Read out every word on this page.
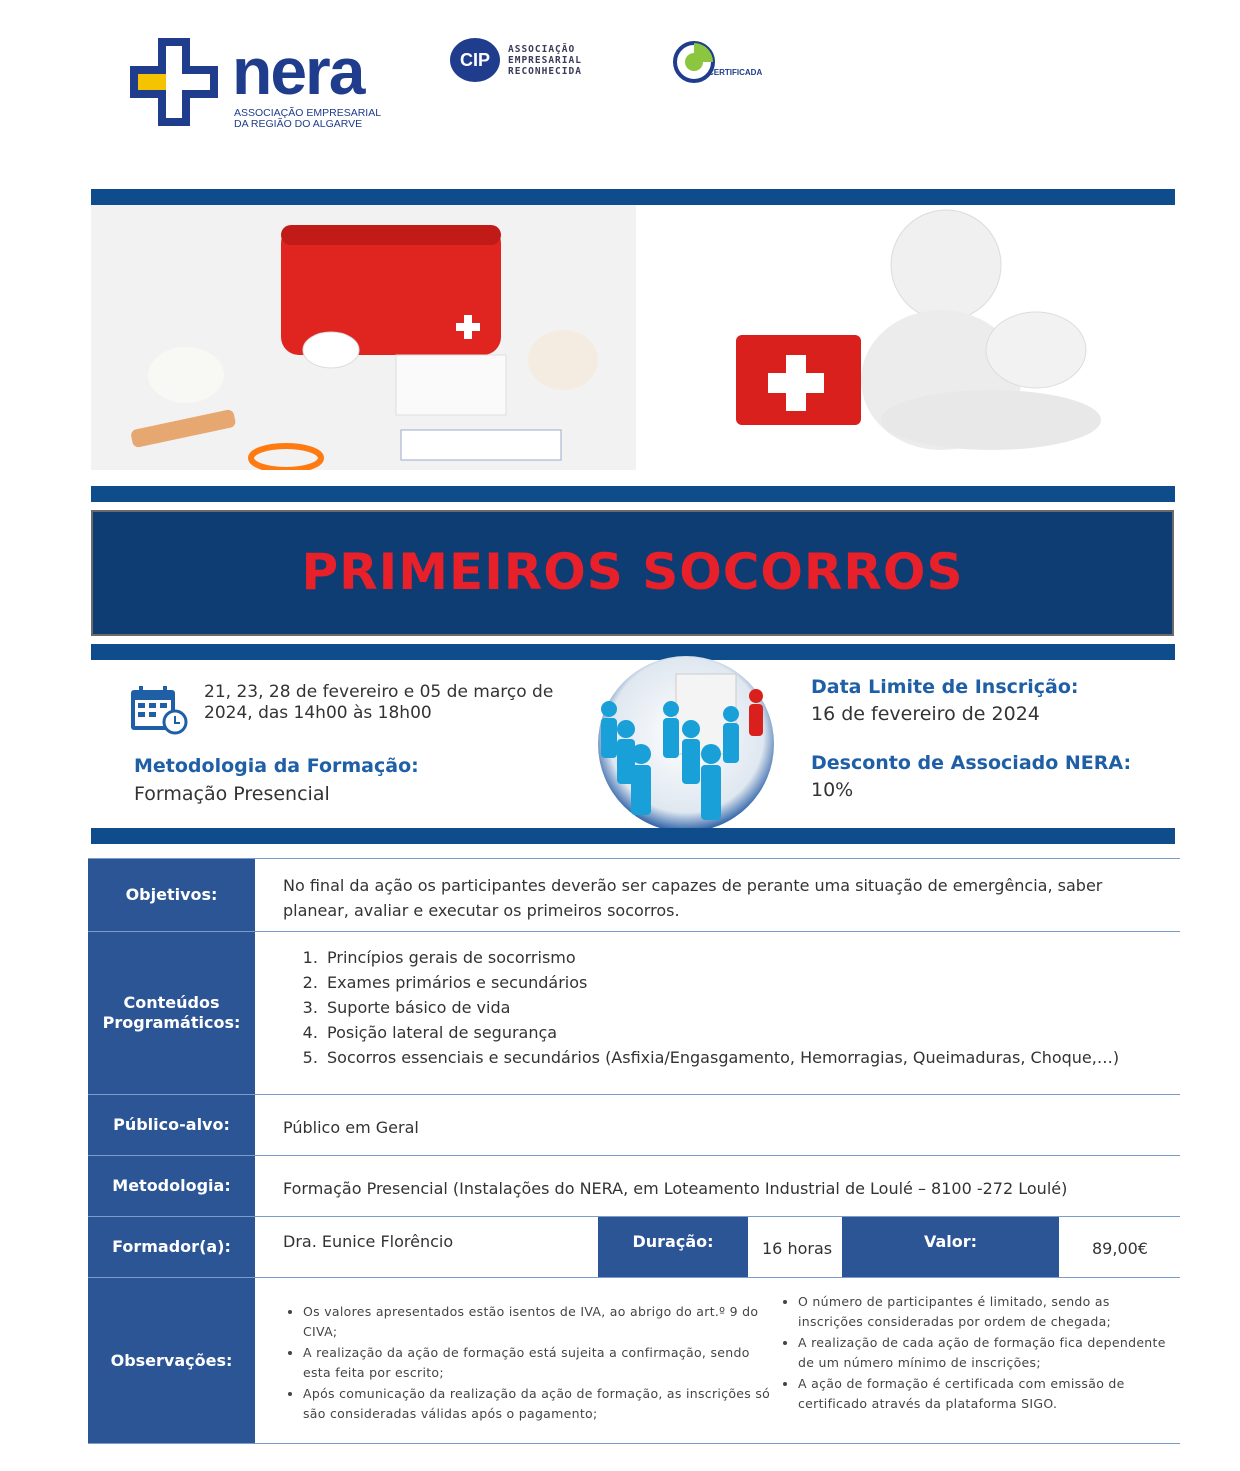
nera
ASSOCIAÇÃO EMPRESARIAL
DA REGIÃO DO ALGARVE
CIP
ASSOCIAÇÃO
EMPRESARIAL
RECONHECIDA	CERTIFICADA
PRIMEIROS SOCORROS
21, 23, 28 de fevereiro e 05 de março de 2024, das 14h00 às 18h00
Metodologia da Formação:
Formação Presencial
Data Limite de Inscrição:
16 de fevereiro de 2024
Desconto de Associado NERA:
10%
Objetivos:	No final da ação os participantes deverão ser capazes de perante uma situação de emergência, saber planear, avaliar e executar os primeiros socorros.
Conteúdos Programáticos:
1. Princípios gerais de socorrismo
2. Exames primários e secundários
3. Suporte básico de vida
4. Posição lateral de segurança
5. Socorros essenciais e secundários (Asfixia/Engasgamento, Hemorragias, Queimaduras, Choque,…)
Público-alvo:	Público em Geral
Metodologia:	Formação Presencial (Instalações do NERA, em Loteamento Industrial de Loulé – 8100 -272 Loulé)
Formador(a):	Dra. Eunice Florêncio	Duração:	16 horas	Valor:	89,00€
Observações:
• Os valores apresentados estão isentos de IVA, ao abrigo do art.º 9 do CIVA;
• A realização da ação de formação está sujeita a confirmação, sendo esta feita por escrito;
• Após comunicação da realização da ação de formação, as inscrições só são consideradas válidas após o pagamento;
• O número de participantes é limitado, sendo as inscrições consideradas por ordem de chegada;
• A realização de cada ação de formação fica dependente de um número mínimo de inscrições;
• A ação de formação é certificada com emissão de certificado através da plataforma SIGO.
